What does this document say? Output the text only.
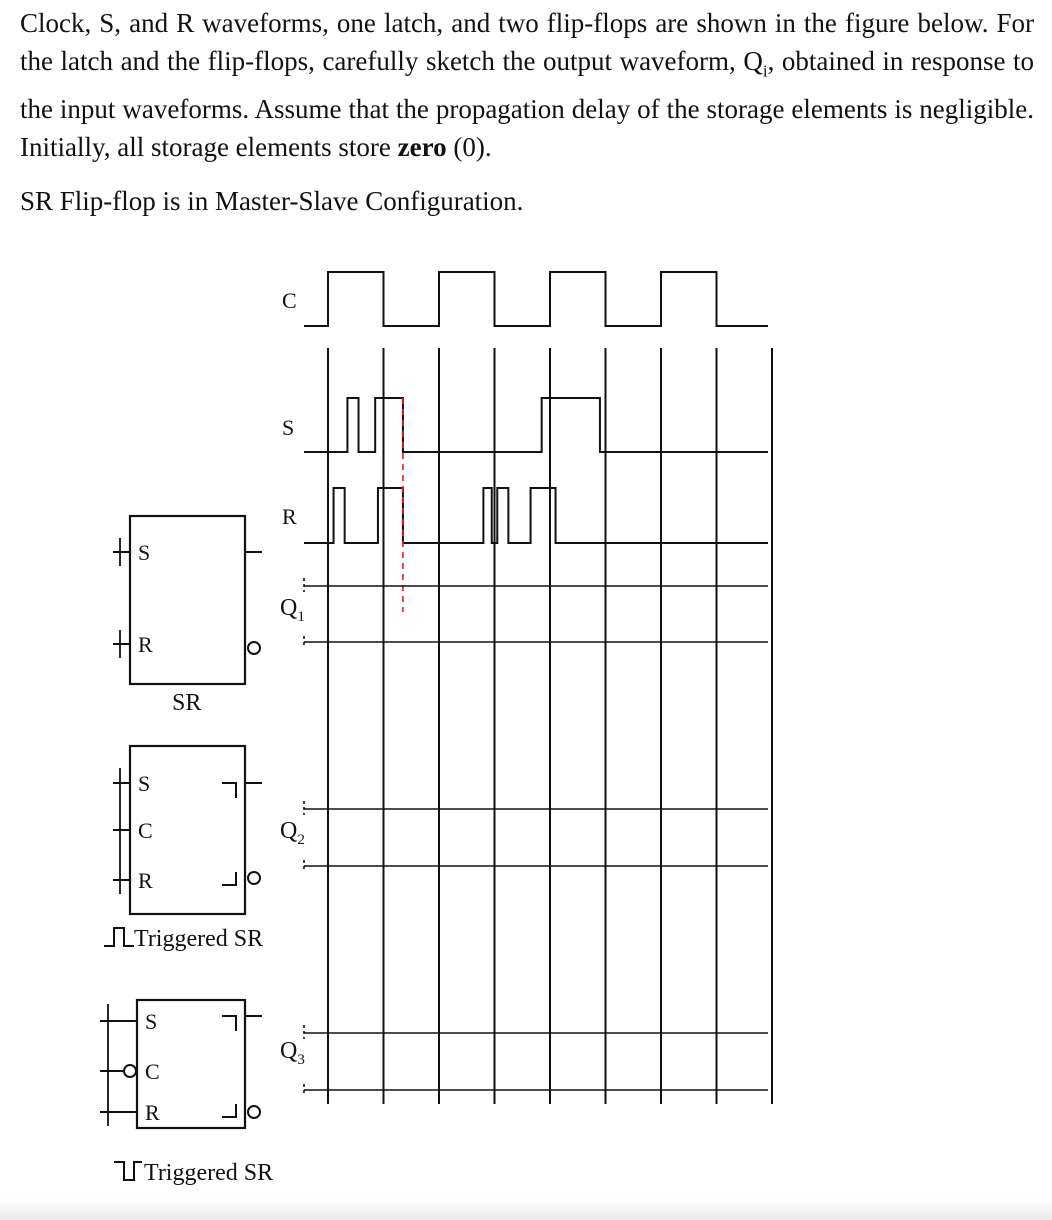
Clock, S, and R waveforms, one latch, and two flip-flops are shown in the figure below. For the latch and the flip-flops, carefully sketch the output waveform, $Q_i$, obtained in response to the input waveforms. Assume that the propagation delay of the storage elements is negligible. Initially, all storage elements store zero (0).

SR Flip-flop is in Master-Slave Configuration.

C
S
R
$Q_1$
$Q_2$
$Q_3$
S
R
SR
S
C
R
Triggered SR
S
C
R
Triggered SR
